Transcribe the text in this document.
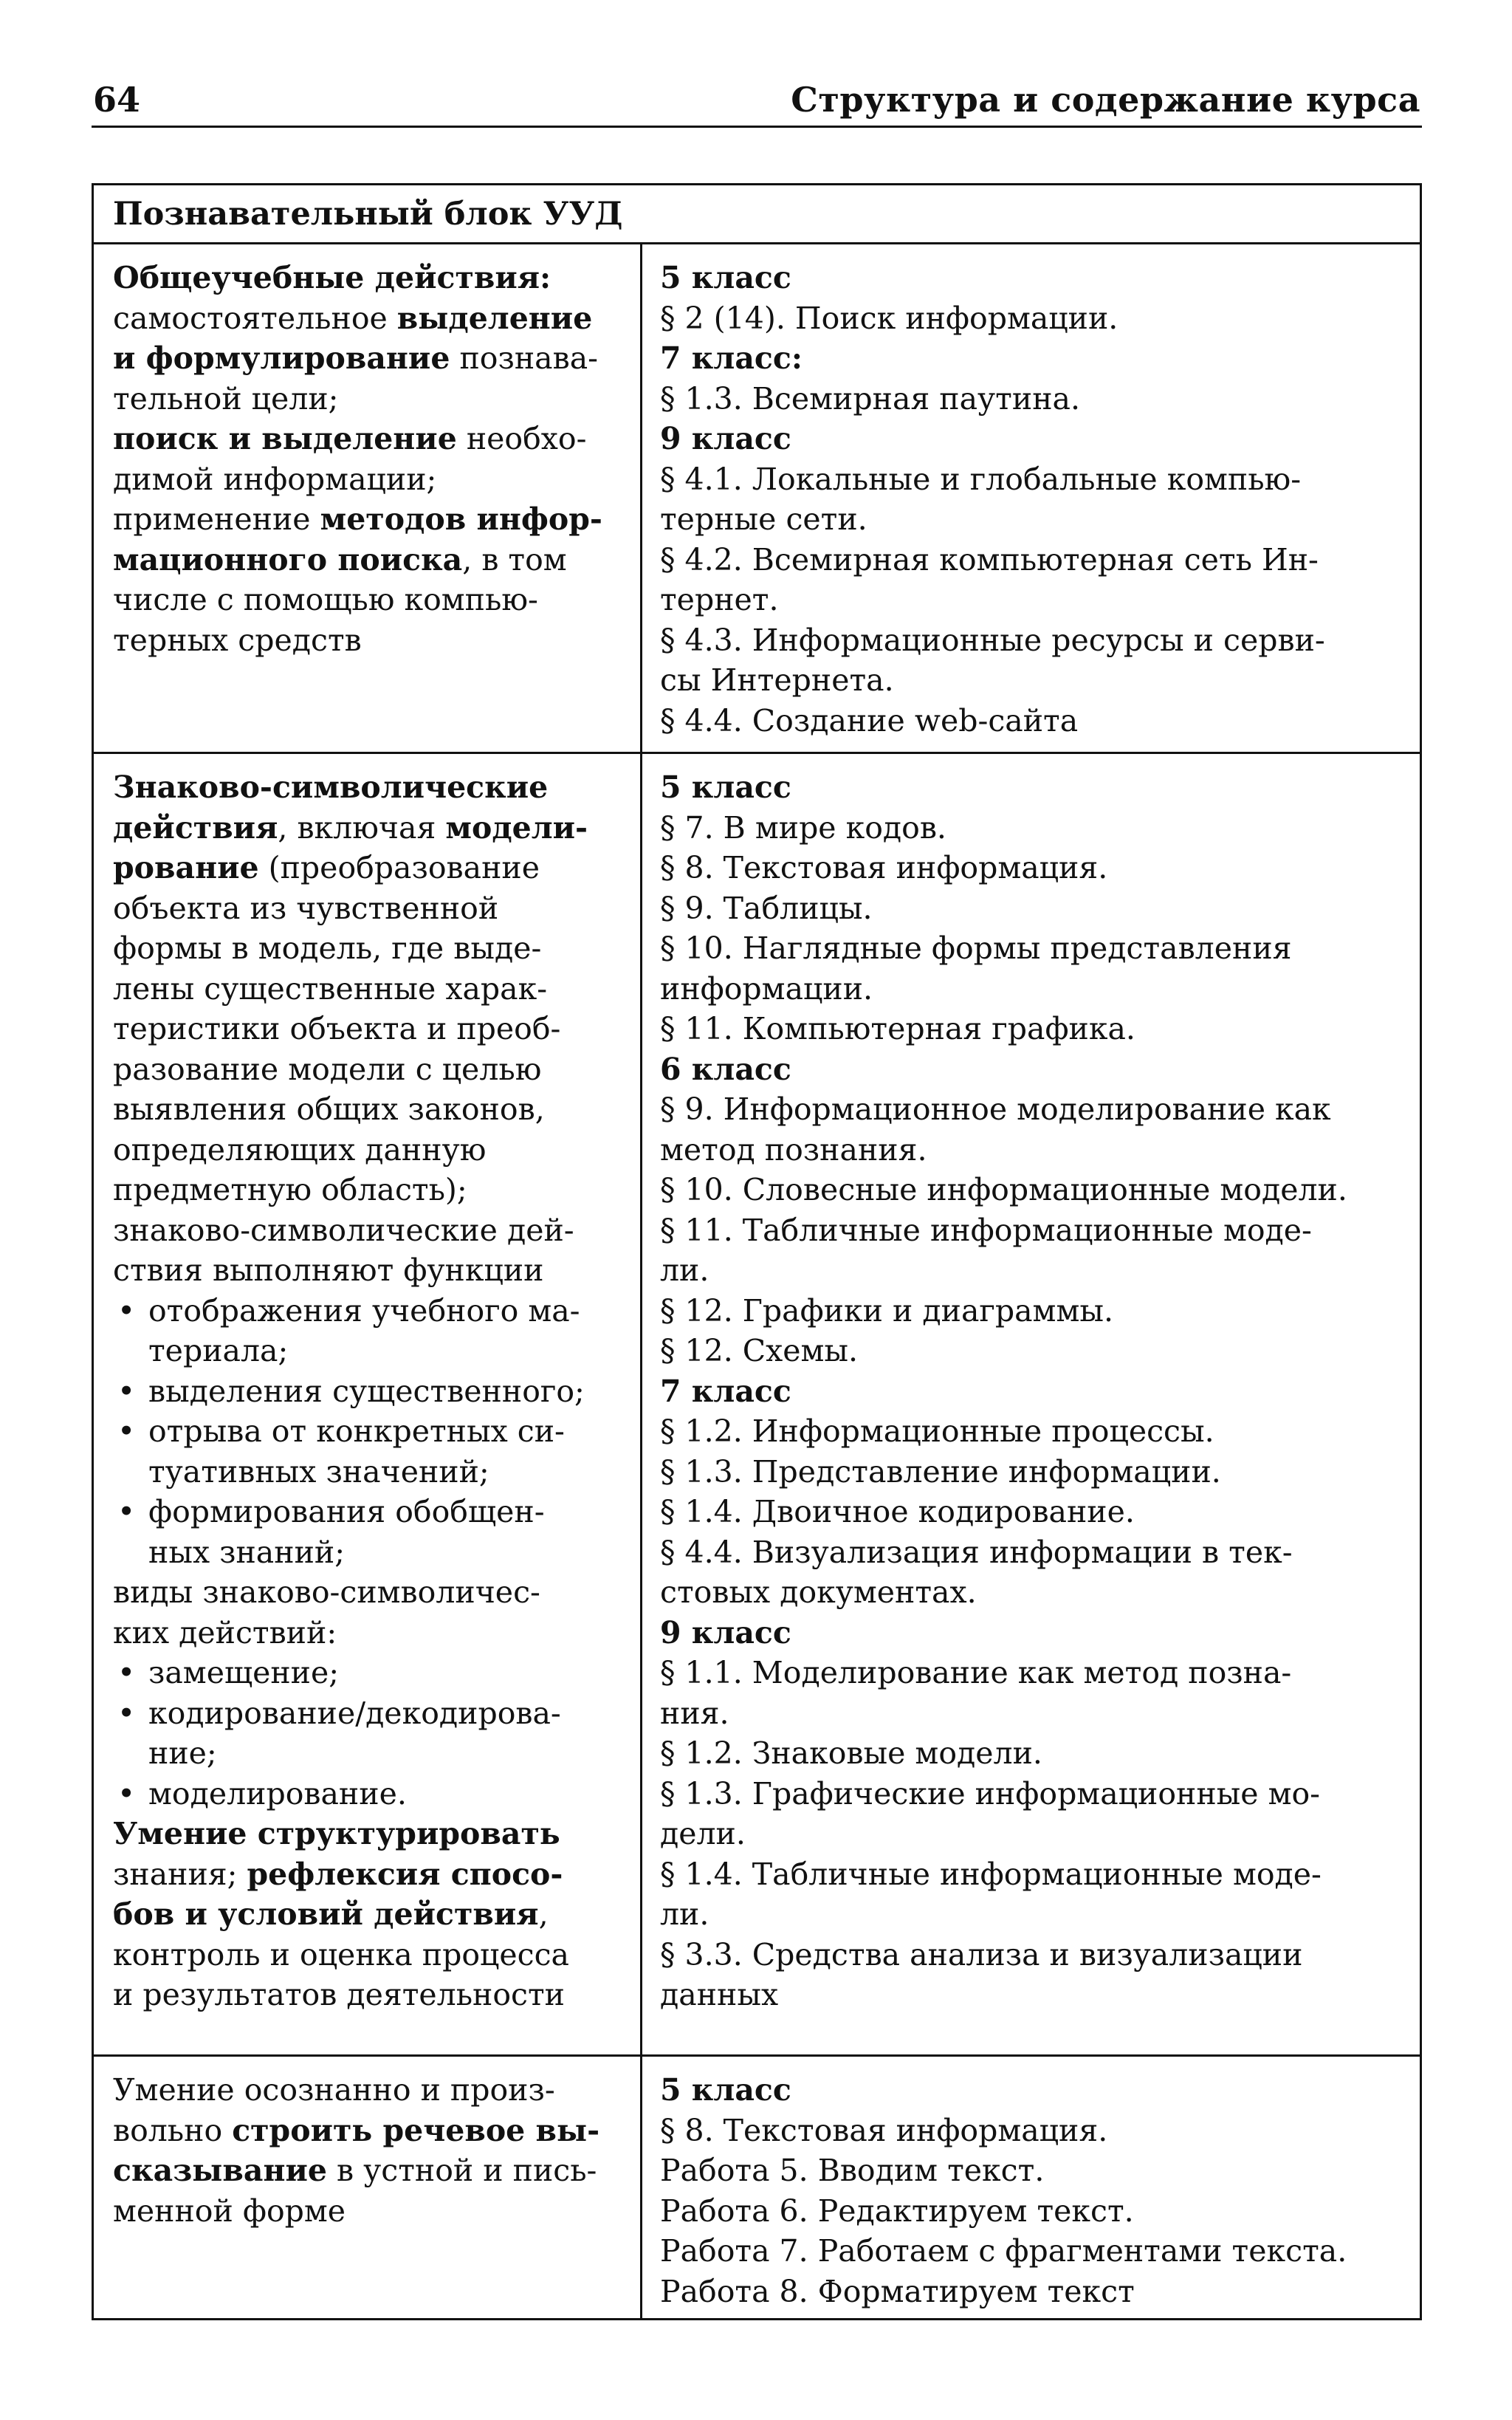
64	Структура и содержание курса
Познавательный блок УУД
Общеучебные действия:
самостоятельное выделение
и формулирование познава-
тельной цели;
поиск и выделение необхо-
димой информации;
применение методов инфор-
мационного поиска, в том
числе с помощью компью-
терных средств
5 класс
§ 2 (14). Поиск информации.
7 класс:
§ 1.3. Всемирная паутина.
9 класс
§ 4.1. Локальные и глобальные компью-
терные сети.
§ 4.2. Всемирная компьютерная сеть Ин-
тернет.
§ 4.3. Информационные ресурсы и серви-
сы Интернета.
§ 4.4. Создание web-сайта
Знаково-символические
действия, включая модели-
рование (преобразование
объекта из чувственной
формы в модель, где выде-
лены существенные харак-
теристики объекта и преоб-
разование модели с целью
выявления общих законов,
определяющих данную
предметную область);
знаково-символические дей-
ствия выполняют функции
• отображения учебного ма-
териала;
• выделения существенного;
• отрыва от конкретных си-
туативных значений;
• формирования обобщен-
ных знаний;
виды знаково-символичес-
ких действий:
• замещение;
• кодирование/декодирова-
ние;
• моделирование.
Умение структурировать
знания; рефлексия спосо-
бов и условий действия,
контроль и оценка процесса
и результатов деятельности
5 класс
§ 7. В мире кодов.
§ 8. Текстовая информация.
§ 9. Таблицы.
§ 10. Наглядные формы представления
информации.
§ 11. Компьютерная графика.
6 класс
§ 9. Информационное моделирование как
метод познания.
§ 10. Словесные информационные модели.
§ 11. Табличные информационные моде-
ли.
§ 12. Графики и диаграммы.
§ 12. Схемы.
7 класс
§ 1.2. Информационные процессы.
§ 1.3. Представление информации.
§ 1.4. Двоичное кодирование.
§ 4.4. Визуализация информации в тек-
стовых документах.
9 класс
§ 1.1. Моделирование как метод позна-
ния.
§ 1.2. Знаковые модели.
§ 1.3. Графические информационные мо-
дели.
§ 1.4. Табличные информационные моде-
ли.
§ 3.3. Средства анализа и визуализации
данных
Умение осознанно и произ-
вольно строить речевое вы-
сказывание в устной и пись-
менной форме
5 класс
§ 8. Текстовая информация.
Работа 5. Вводим текст.
Работа 6. Редактируем текст.
Работа 7. Работаем с фрагментами текста.
Работа 8. Форматируем текст
